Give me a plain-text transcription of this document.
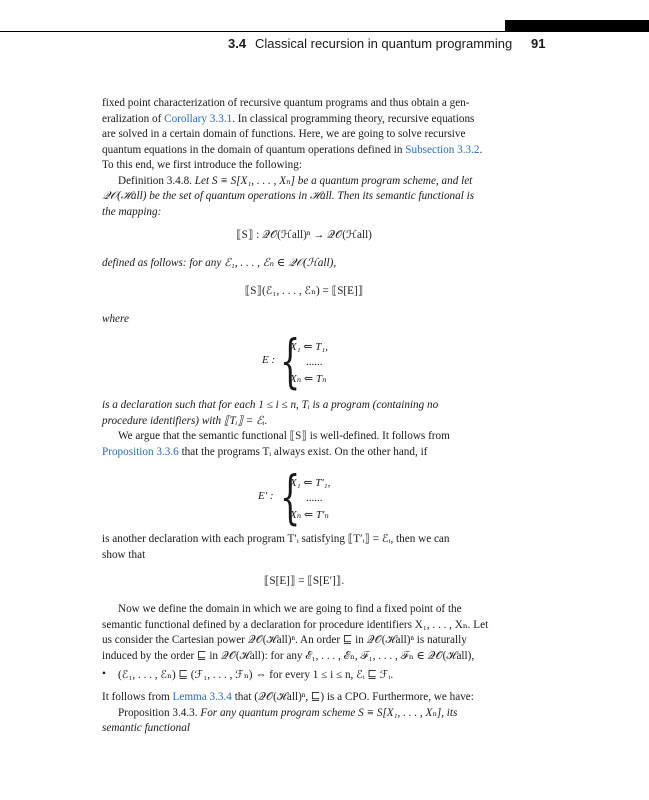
3.4 Classical recursion in quantum programming 91

fixed point characterization of recursive quantum programs and thus obtain a gen-

eralization of Corollary 3.3.1. In classical programming theory, recursive equations

are solved in a certain domain of functions. Here, we are going to solve recursive

quantum equations in the domain of quantum operations defined in Subsection 3.3.2.

To this end, we first introduce the following:

Definition 3.4.8. Let S ≡ S[X₁, . . . , Xₙ] be a quantum program scheme, and let

𝒬𝒪(ℋall) be the set of quantum operations in ℋall. Then its semantic functional is

the mapping:

⟦S⟧ : 𝒬𝒪(ℋall)ⁿ → 𝒬𝒪(ℋall)
defined as follows: for any ℰ₁, . . . , ℰₙ ∈ 𝒬𝒪(ℋall),
⟦S⟧(ℰ₁, . . . , ℰₙ) = ⟦S[E]⟧
where
E : {
X₁ ⇐ T₁,
......
Xₙ ⇐ Tₙ

is a declaration such that for each 1 ≤ i ≤ n, Tᵢ is a program (containing no

procedure identifiers) with ⟦Tᵢ⟧ = ℰᵢ.

We argue that the semantic functional ⟦S⟧ is well-defined. It follows from

Proposition 3.3.6 that the programs Tᵢ always exist. On the other hand, if

E′ : {
X₁ ⇐ T′₁,
......
Xₙ ⇐ T′ₙ

is another declaration with each program T′ᵢ satisfying ⟦T′ᵢ⟧ = ℰᵢ, then we can

show that

⟦S[E]⟧ = ⟦S[E′]⟧.

Now we define the domain in which we are going to find a fixed point of the

semantic functional defined by a declaration for procedure identifiers X₁, . . . , Xₙ. Let

us consider the Cartesian power 𝒬𝒪(ℋall)ⁿ. An order ⊑ in 𝒬𝒪(ℋall)ⁿ is naturally

induced by the order ⊑ in 𝒬𝒪(ℋall): for any ℰ₁, . . . , ℰₙ, ℱ₁, . . . , ℱₙ ∈ 𝒬𝒪(ℋall),

• (ℰ₁, . . . , ℰₙ) ⊑ (ℱ₁, . . . , ℱₙ) ⇔ for every 1 ≤ i ≤ n, ℰᵢ ⊑ ℱᵢ.

It follows from Lemma 3.3.4 that (𝒬𝒪(ℋall)ⁿ, ⊑) is a CPO. Furthermore, we have:

Proposition 3.4.3. For any quantum program scheme S ≡ S[X₁, . . . , Xₙ], its

semantic functional
